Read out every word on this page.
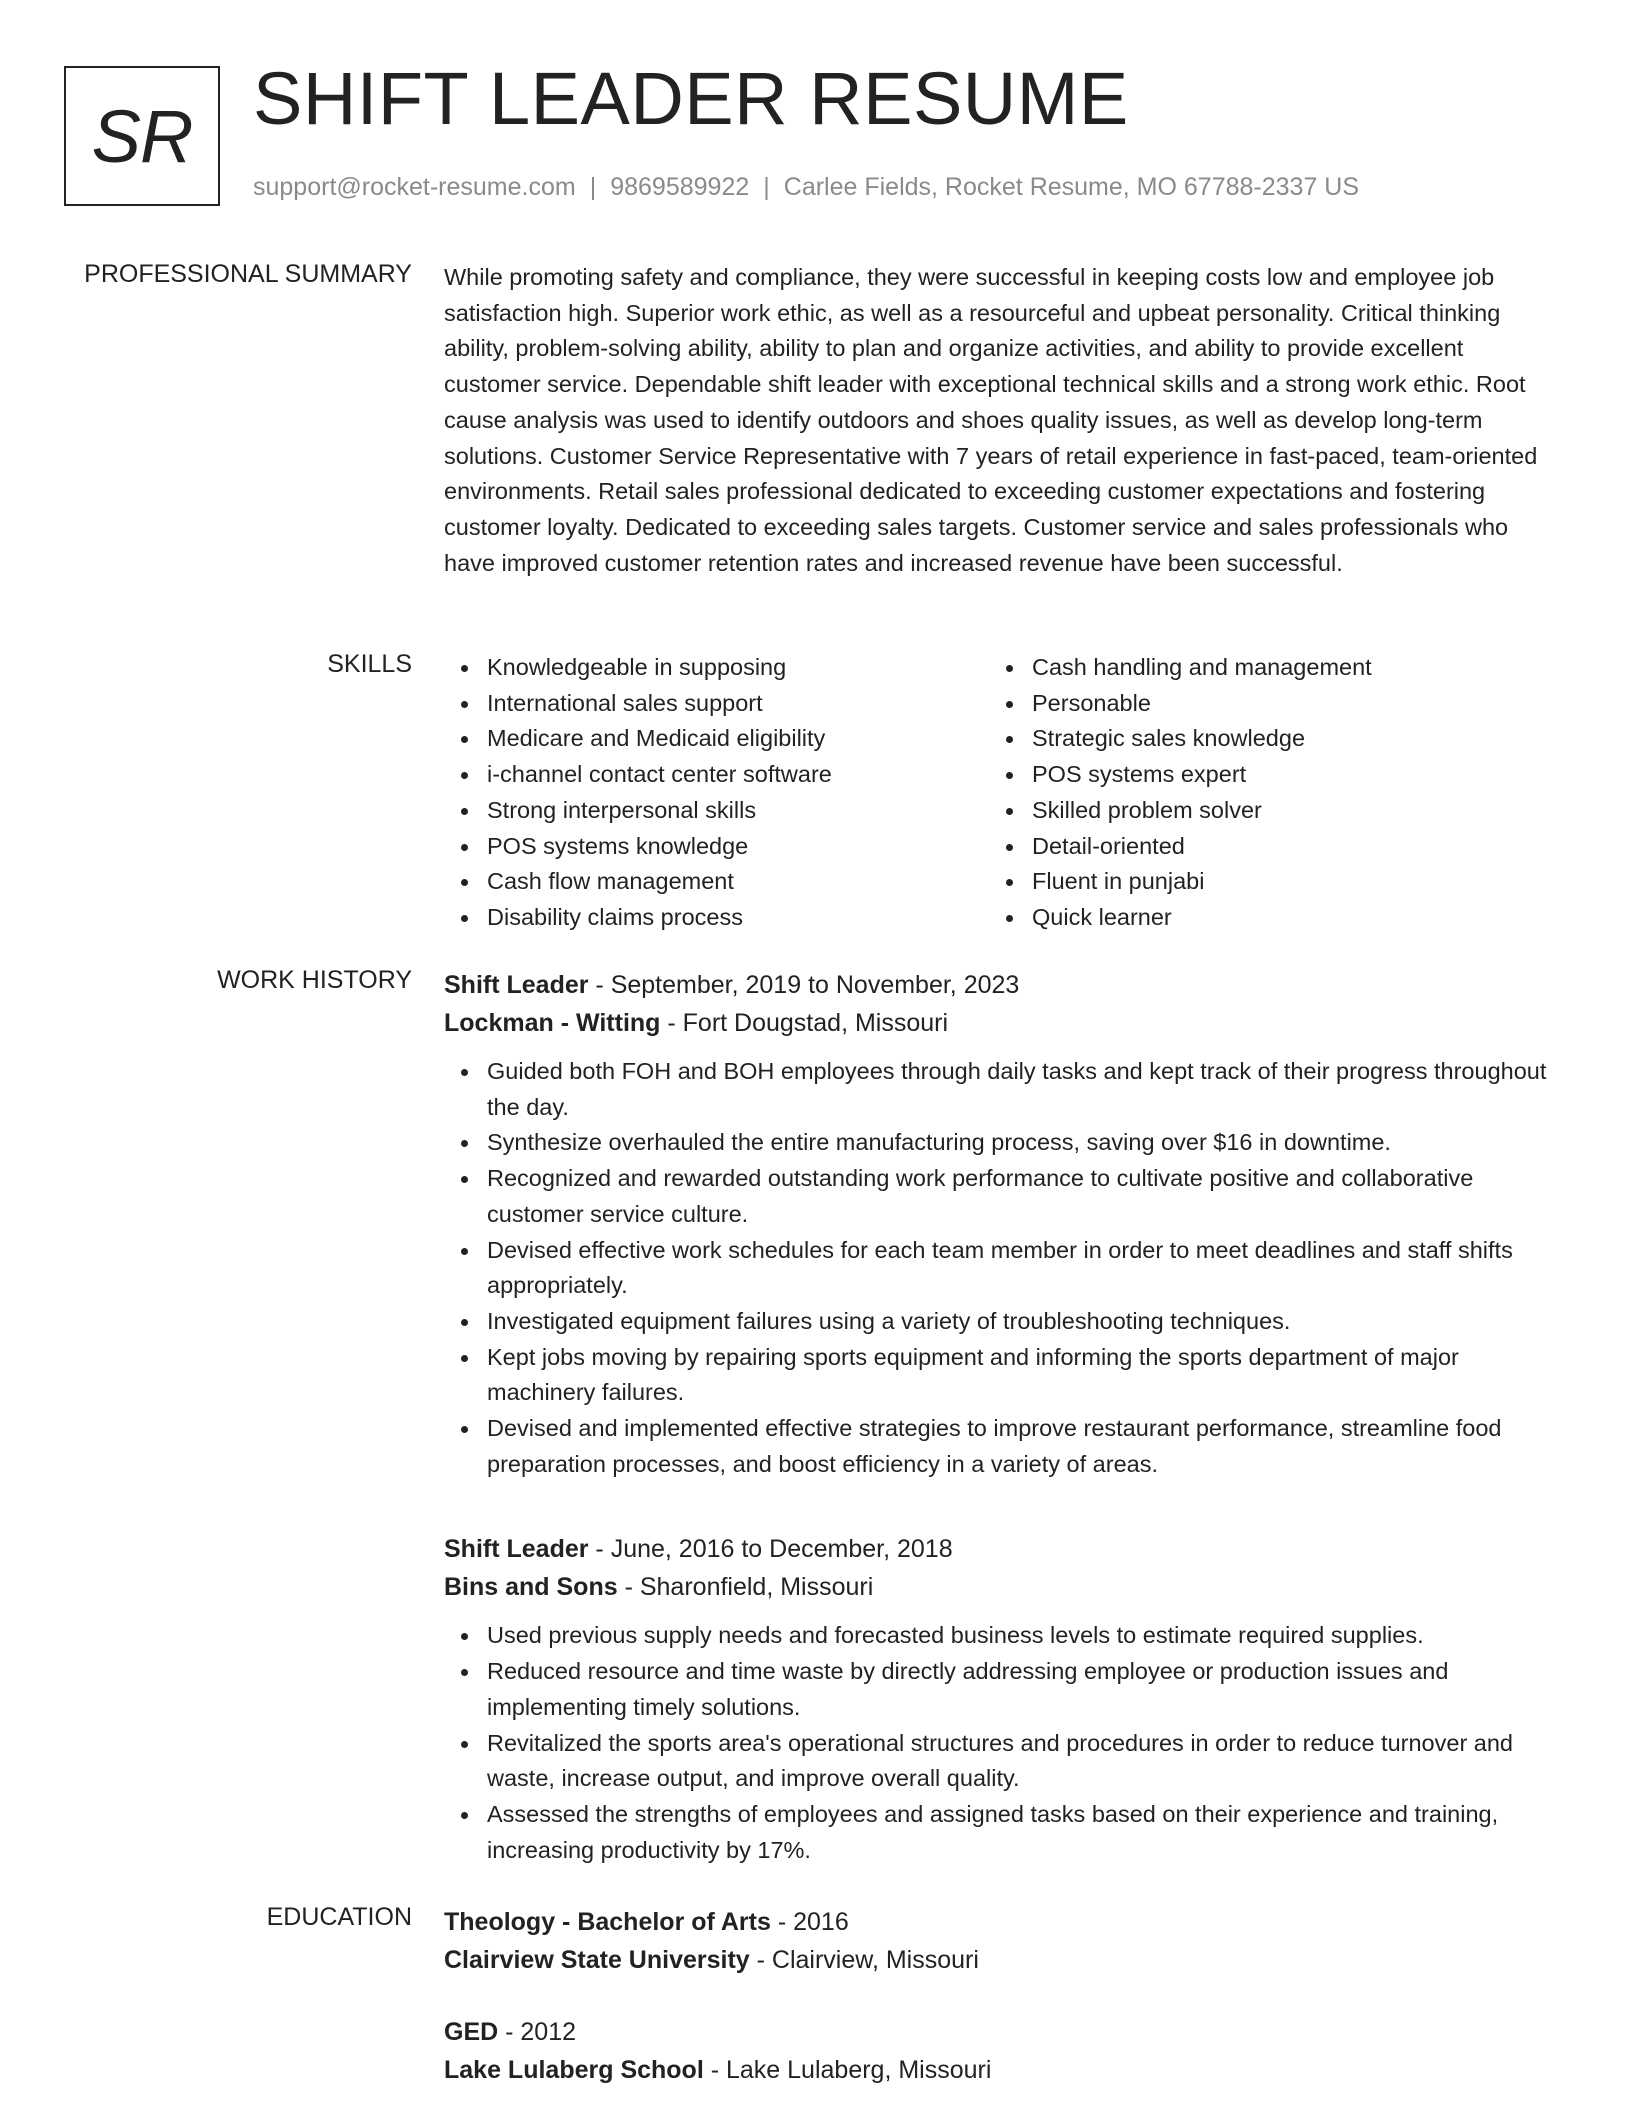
SR SHIFT LEADER RESUME
support@rocket-resume.com | 9869589922 | Carlee Fields, Rocket Resume, MO 67788-2337 US
PROFESSIONAL SUMMARY While promoting safety and compliance, they were successful in keeping costs low and employee job satisfaction high. Superior work ethic, as well as a resourceful and upbeat personality. Critical thinking ability, problem-solving ability, ability to plan and organize activities, and ability to provide excellent customer service. Dependable shift leader with exceptional technical skills and a strong work ethic. Root cause analysis was used to identify outdoors and shoes quality issues, as well as develop long-term solutions. Customer Service Representative with 7 years of retail experience in fast-paced, team-oriented environments. Retail sales professional dedicated to exceeding customer expectations and fostering customer loyalty. Dedicated to exceeding sales targets. Customer service and sales professionals who have improved customer retention rates and increased revenue have been successful.

SKILLS	Knowledgeable in supposing
International sales support
Medicare and Medicaid eligibility
i-channel contact center software
Strong interpersonal skills
POS systems knowledge
Cash flow management
Disability claims process
Cash handling and management
Personable
Strategic sales knowledge
POS systems expert
Skilled problem solver
Detail-oriented
Fluent in punjabi
Quick learner
WORK HISTORY Shift Leader - September, 2019 to November, 2023
Lockman - Witting - Fort Dougstad, Missouri
Guided both FOH and BOH employees through daily tasks and kept track of their progress throughout the day.
Synthesize overhauled the entire manufacturing process, saving over $16 in downtime.
Recognized and rewarded outstanding work performance to cultivate positive and collaborative customer service culture.
Devised effective work schedules for each team member in order to meet deadlines and staff shifts appropriately.
Investigated equipment failures using a variety of troubleshooting techniques.
Kept jobs moving by repairing sports equipment and informing the sports department of major machinery failures.
Devised and implemented effective strategies to improve restaurant performance, streamline food preparation processes, and boost efficiency in a variety of areas.
Shift Leader - June, 2016 to December, 2018
Bins and Sons - Sharonfield, Missouri
Used previous supply needs and forecasted business levels to estimate required supplies.
Reduced resource and time waste by directly addressing employee or production issues and implementing timely solutions.
Revitalized the sports area's operational structures and procedures in order to reduce turnover and waste, increase output, and improve overall quality.
Assessed the strengths of employees and assigned tasks based on their experience and training, increasing productivity by 17%.
EDUCATION Theology - Bachelor of Arts - 2016
Clairview State University - Clairview, Missouri
GED - 2012
Lake Lulaberg School - Lake Lulaberg, Missouri
